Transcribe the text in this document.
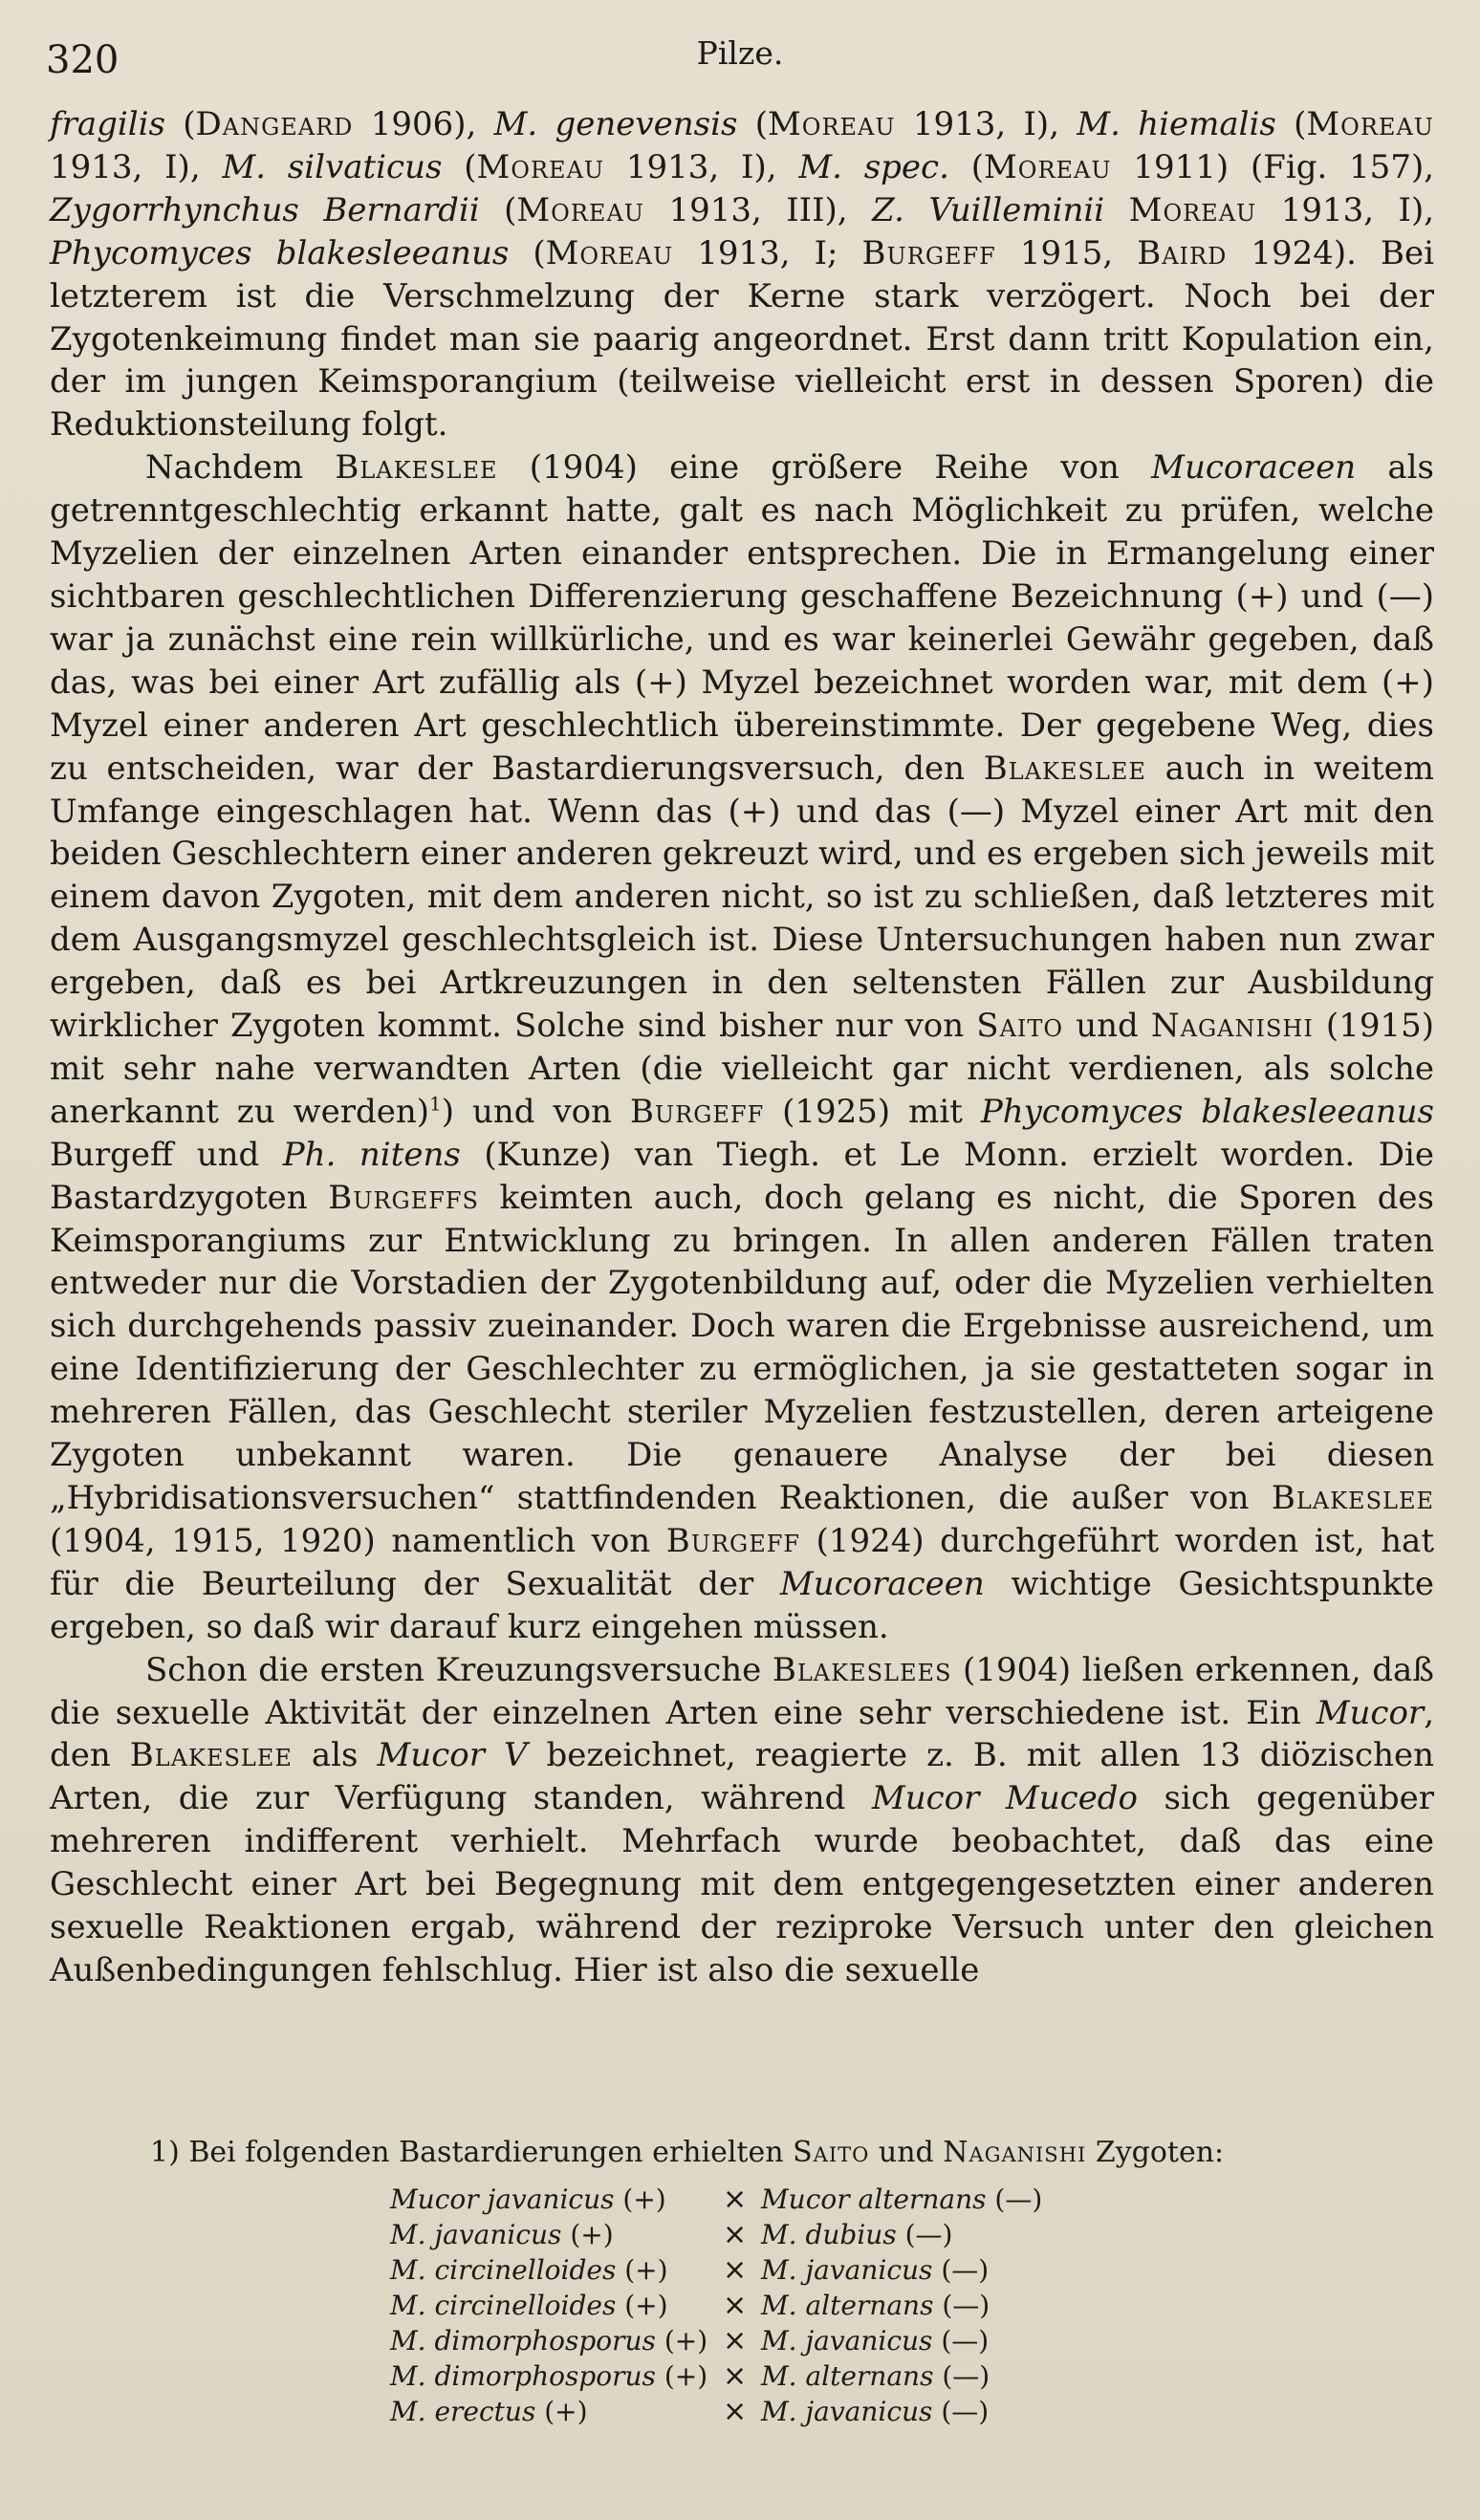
320	Pilze.

fragilis (Dangeard 1906), M. genevensis (Moreau 1913, I), M. hiemalis (Moreau 1913, I), M. silvaticus (Moreau 1913, I), M. spec. (Moreau 1911) (Fig. 157), Zygorrhynchus Bernardii (Moreau 1913, III), Z. Vuilleminii Moreau 1913, I), Phycomyces blakesleeanus (Moreau 1913, I; Burgeff 1915, Baird 1924). Bei letzterem ist die Verschmelzung der Kerne stark verzögert. Noch bei der Zygotenkeimung findet man sie paarig angeordnet. Erst dann tritt Kopulation ein, der im jungen Keimsporangium (teilweise vielleicht erst in dessen Sporen) die Reduktionsteilung folgt.

Nachdem Blakeslee (1904) eine größere Reihe von Mucoraceen als getrenntgeschlechtig erkannt hatte, galt es nach Möglichkeit zu prüfen, welche Myzelien der einzelnen Arten einander entsprechen. Die in Ermangelung einer sichtbaren geschlechtlichen Differenzierung geschaffene Bezeichnung (+) und (—) war ja zunächst eine rein willkürliche, und es war keinerlei Gewähr gegeben, daß das, was bei einer Art zufällig als (+) Myzel bezeichnet worden war, mit dem (+) Myzel einer anderen Art geschlechtlich übereinstimmte. Der gegebene Weg, dies zu entscheiden, war der Bastardierungsversuch, den Blakeslee auch in weitem Umfange eingeschlagen hat. Wenn das (+) und das (—) Myzel einer Art mit den beiden Geschlechtern einer anderen gekreuzt wird, und es ergeben sich jeweils mit einem davon Zygoten, mit dem anderen nicht, so ist zu schließen, daß letzteres mit dem Ausgangsmyzel geschlechtsgleich ist. Diese Untersuchungen haben nun zwar ergeben, daß es bei Artkreuzungen in den seltensten Fällen zur Ausbildung wirklicher Zygoten kommt. Solche sind bisher nur von Saito und Naganishi (1915) mit sehr nahe verwandten Arten (die vielleicht gar nicht verdienen, als solche anerkannt zu werden)$^1$) und von Burgeff (1925) mit Phycomyces blakesleeanus Burgeff und Ph. nitens (Kunze) van Tiegh. et Le Monn. erzielt worden. Die Bastardzygoten Burgeffs keimten auch, doch gelang es nicht, die Sporen des Keimsporangiums zur Entwicklung zu bringen. In allen anderen Fällen traten entweder nur die Vorstadien der Zygotenbildung auf, oder die Myzelien verhielten sich durchgehends passiv zueinander. Doch waren die Ergebnisse ausreichend, um eine Identifizierung der Geschlechter zu ermöglichen, ja sie gestatteten sogar in mehreren Fällen, das Geschlecht steriler Myzelien festzustellen, deren arteigene Zygoten unbekannt waren. Die genauere Analyse der bei diesen „Hybridisationsversuchen“ stattfindenden Reaktionen, die außer von Blakeslee (1904, 1915, 1920) namentlich von Burgeff (1924) durchgeführt worden ist, hat für die Beurteilung der Sexualität der Mucoraceen wichtige Gesichtspunkte ergeben, so daß wir darauf kurz eingehen müssen.

Schon die ersten Kreuzungsversuche Blakeslees (1904) ließen erkennen, daß die sexuelle Aktivität der einzelnen Arten eine sehr verschiedene ist. Ein Mucor, den Blakeslee als Mucor V bezeichnet, reagierte z. B. mit allen 13 diözischen Arten, die zur Verfügung standen, während Mucor Mucedo sich gegenüber mehreren indifferent verhielt. Mehrfach wurde beobachtet, daß das eine Geschlecht einer Art bei Begegnung mit dem entgegengesetzten einer anderen sexuelle Reaktionen ergab, während der reziproke Versuch unter den gleichen Außenbedingungen fehlschlug. Hier ist also die sexuelle

1) Bei folgenden Bastardierungen erhielten Saito und Naganishi Zygoten:

Mucor javanicus (+) × Mucor alternans (—)
M. javanicus (+)	× M. dubius (—)
M. circinelloides (+) × M. javanicus (—)
M. circinelloides (+) × M. alternans (—)
M. dimorphosporus (+) × M. javanicus (—)
M. dimorphosporus (+) × M. alternans (—)
M. erectus (+)	× M. javanicus (—)
